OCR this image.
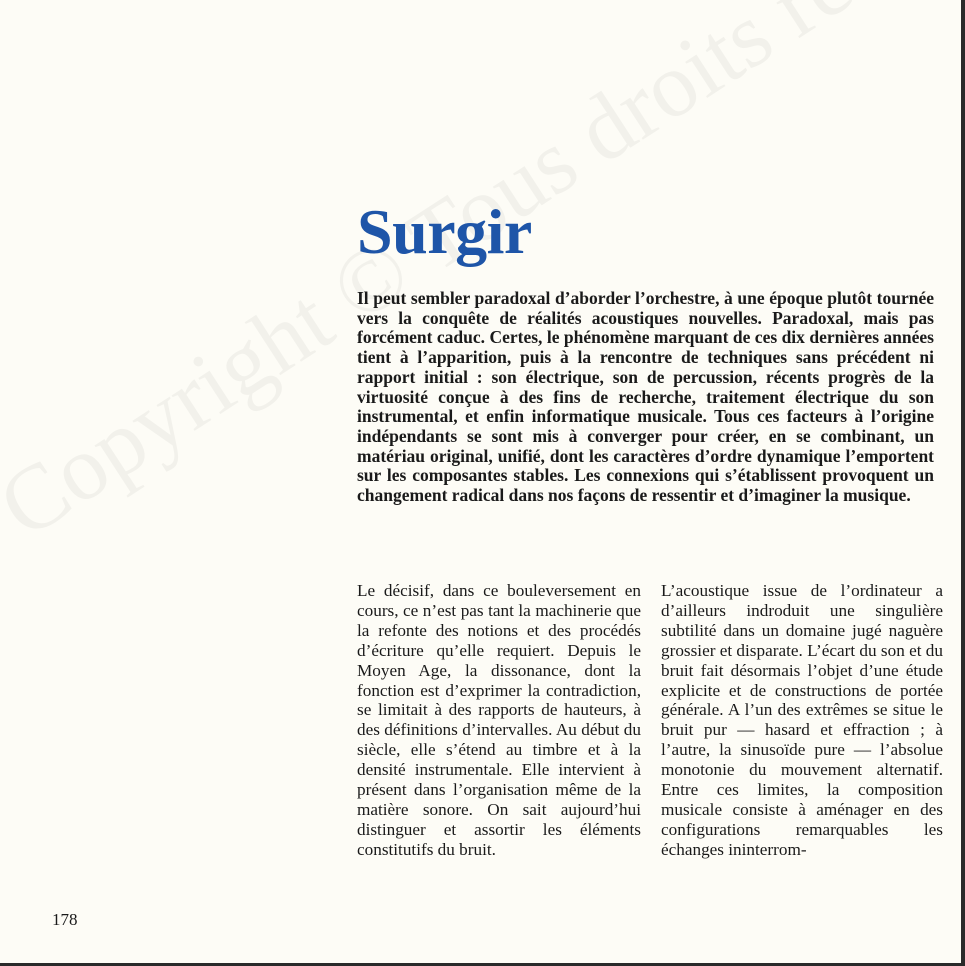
Surgir

Il peut sembler paradoxal d’aborder l’orchestre, à une époque plutôt tournée vers la conquête de réalités acoustiques nouvelles. Paradoxal, mais pas forcément caduc. Certes, le phénomène marquant de ces dix dernières années tient à l’apparition, puis à la rencontre de techniques sans précédent ni rapport initial : son électrique, son de percussion, récents progrès de la virtuosité conçue à des fins de recherche, traitement électrique du son instrumental, et enfin informatique musicale. Tous ces facteurs à l’origine indépendants se sont mis à converger pour créer, en se combinant, un matériau original, unifié, dont les caractères d’ordre dynamique l’emportent sur les composantes stables. Les connexions qui s’établissent provoquent un changement radical dans nos façons de ressentir et d’imaginer la musique.

Le décisif, dans ce bouleversement en cours, ce n’est pas tant la machinerie que la refonte des notions et des procédés d’écriture qu’elle requiert. Depuis le Moyen Age, la dissonance, dont la fonction est d’exprimer la contradiction, se limitait à des rapports de hauteurs, à des définitions d’intervalles. Au début du siècle, elle s’étend au timbre et à la densité instrumentale. Elle intervient à présent dans l’organisation même de la matière sonore. On sait aujourd’hui distinguer et assortir les éléments constitutifs du bruit.

L’acoustique issue de l’ordinateur a d’ailleurs indroduit une singulière subtilité dans un domaine jugé naguère grossier et disparate. L’écart du son et du bruit fait désormais l’objet d’une étude explicite et de constructions de portée générale. A l’un des extrêmes se situe le bruit pur — hasard et effraction ; à l’autre, la sinusoïde pure — l’absolue monotonie du mouvement alternatif. Entre ces limites, la composition musicale consiste à aménager en des configurations remarquables les échanges ininterrom-

178
